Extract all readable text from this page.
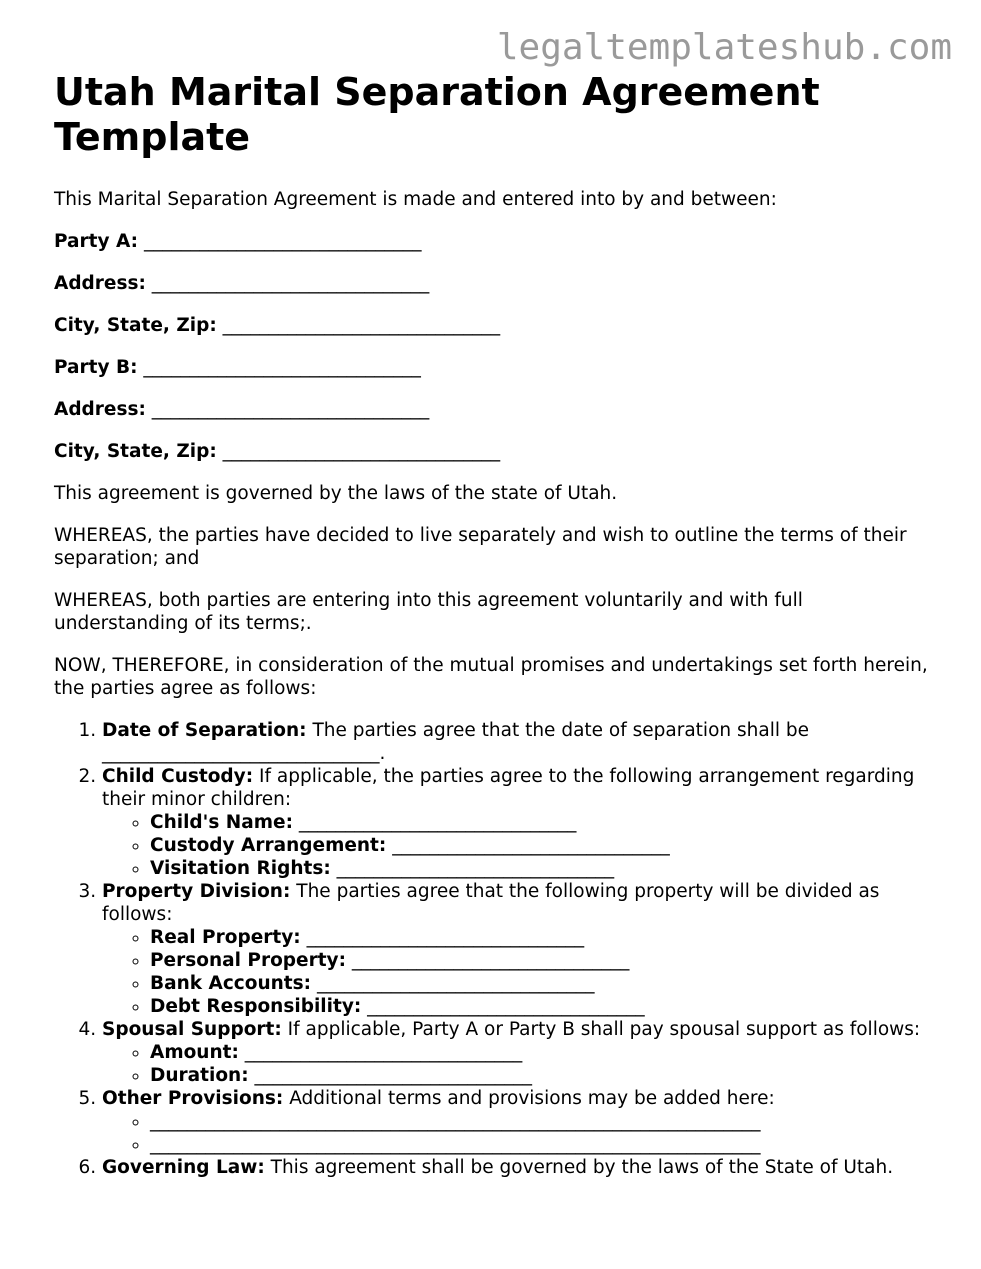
legaltemplateshub.com
Utah Marital Separation Agreement Template

This Marital Separation Agreement is made and entered into by and between:

Party A: ______________________________

Address: ______________________________

City, State, Zip: ______________________________

Party B: ______________________________

Address: ______________________________

City, State, Zip: ______________________________

This agreement is governed by the laws of the state of Utah.

WHEREAS, the parties have decided to live separately and wish to outline the terms of their separation; and

WHEREAS, both parties are entering into this agreement voluntarily and with full understanding of its terms;.

NOW, THEREFORE, in consideration of the mutual promises and undertakings set forth herein, the parties agree as follows:

1. Date of Separation: The parties agree that the date of separation shall be ______________________________.
2. Child Custody: If applicable, the parties agree to the following arrangement regarding their minor children:
◦ Child's Name: ______________________________
◦ Custody Arrangement: ______________________________
◦ Visitation Rights: ______________________________
3. Property Division: The parties agree that the following property will be divided as follows:
◦ Real Property: ______________________________
◦ Personal Property: ______________________________
◦ Bank Accounts: ______________________________
◦ Debt Responsibility: ______________________________
4. Spousal Support: If applicable, Party A or Party B shall pay spousal support as follows:
◦ Amount: ______________________________
◦ Duration: ______________________________
5. Other Provisions: Additional terms and provisions may be added here:
◦ __________________________________________________________________
◦ __________________________________________________________________
6. Governing Law: This agreement shall be governed by the laws of the State of Utah.
